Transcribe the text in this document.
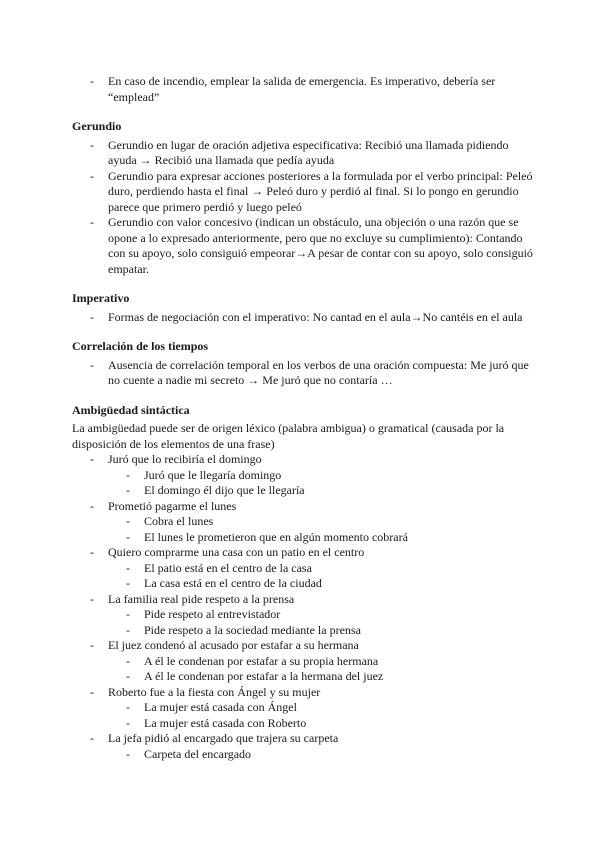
- En caso de incendio, emplear la salida de emergencia. Es imperativo, debería ser “emplead”
Gerundio
- Gerundio en lugar de oración adjetiva especificativa: Recibió una llamada pidiendo ayuda → Recibió una llamada que pedía ayuda
- Gerundio para expresar acciones posteriores a la formulada por el verbo principal: Peleó duro, perdiendo hasta el final → Peleó duro y perdió al final. Si lo pongo en gerundio parece que primero perdió y luego peleó
- Gerundio con valor concesivo (indican un obstáculo, una objeción o una razón que se opone a lo expresado anteriormente, pero que no excluye su cumplimiento): Contando con su apoyo, solo consiguió empeorar→A pesar de contar con su apoyo, solo consiguió empatar.
Imperativo
- Formas de negociación con el imperativo: No cantad en el aula→No cantéis en el aula
Correlación de los tiempos
- Ausencia de correlación temporal en los verbos de una oración compuesta: Me juró que no cuente a nadie mi secreto → Me juró que no contaría …
Ambigüedad sintáctica

La ambigüedad puede ser de origen léxico (palabra ambigua) o gramatical (causada por la disposición de los elementos de una frase)

- Juró que lo recibiría el domingo
- Juró que le llegaría domingo
- El domingo él dijo que le llegaría
- Prometió pagarme el lunes
- Cobra el lunes
- El lunes le prometieron que en algún momento cobrará
- Quiero comprarme una casa con un patio en el centro
- El patio está en el centro de la casa
- La casa está en el centro de la ciudad
- La familia real pide respeto a la prensa
- Pide respeto al entrevistador
- Pide respeto a la sociedad mediante la prensa
- El juez condenó al acusado por estafar a su hermana
- A él le condenan por estafar a su propia hermana
- A él le condenan por estafar a la hermana del juez
- Roberto fue a la fiesta con Ángel y su mujer
- La mujer está casada con Ángel
- La mujer está casada con Roberto
- La jefa pidió al encargado que trajera su carpeta
- Carpeta del encargado
